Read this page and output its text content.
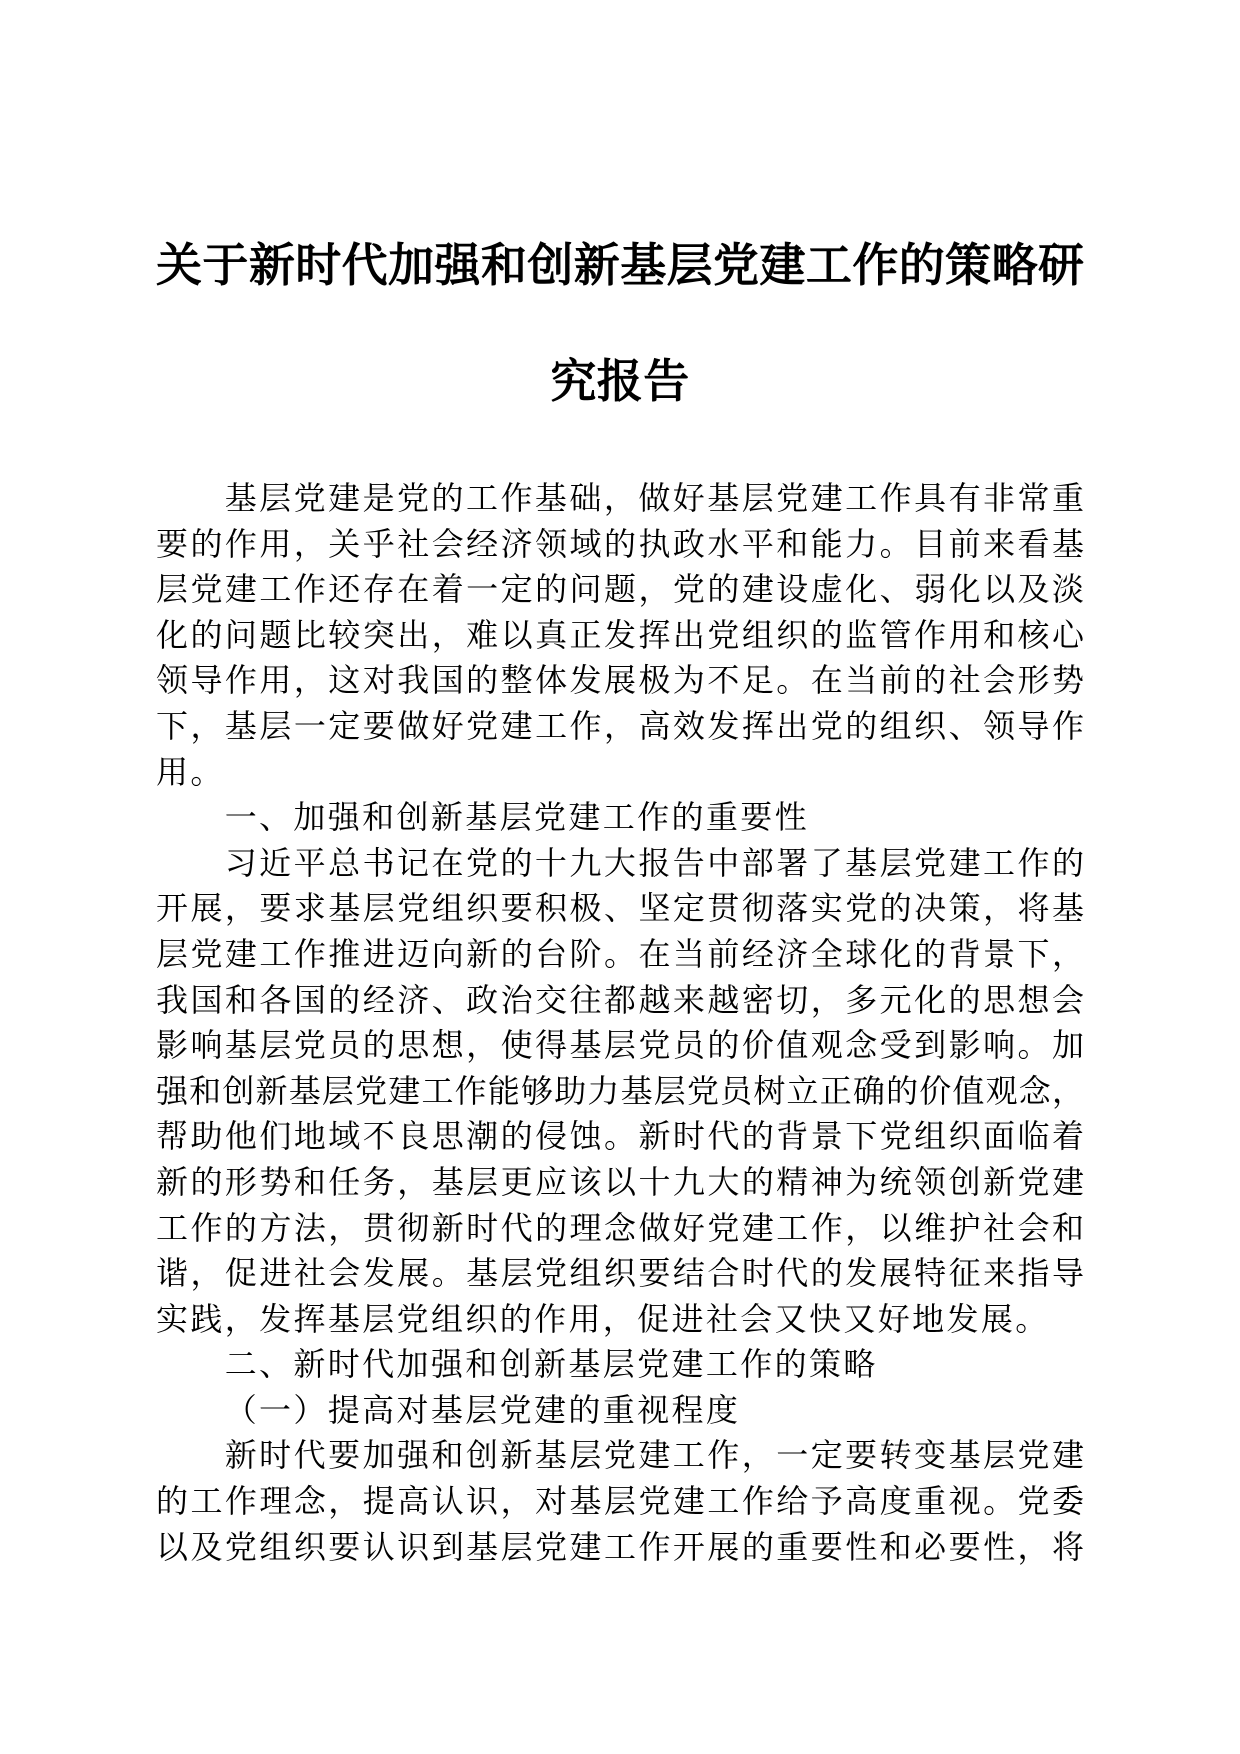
关于新时代加强和创新基层党建工作的策略研
究报告
基层党建是党的工作基础，做好基层党建工作具有非常重
要的作用，关乎社会经济领域的执政水平和能力。目前来看基
层党建工作还存在着一定的问题，党的建设虚化、弱化以及淡
化的问题比较突出，难以真正发挥出党组织的监管作用和核心
领导作用，这对我国的整体发展极为不足。在当前的社会形势
下，基层一定要做好党建工作，高效发挥出党的组织、领导作
用。
一、加强和创新基层党建工作的重要性
习近平总书记在党的十九大报告中部署了基层党建工作的
开展，要求基层党组织要积极、坚定贯彻落实党的决策，将基
层党建工作推进迈向新的台阶。在当前经济全球化的背景下，
我国和各国的经济、政治交往都越来越密切，多元化的思想会
影响基层党员的思想，使得基层党员的价值观念受到影响。加
强和创新基层党建工作能够助力基层党员树立正确的价值观念，
帮助他们地域不良思潮的侵蚀。新时代的背景下党组织面临着
新的形势和任务，基层更应该以十九大的精神为统领创新党建
工作的方法，贯彻新时代的理念做好党建工作，以维护社会和
谐，促进社会发展。基层党组织要结合时代的发展特征来指导
实践，发挥基层党组织的作用，促进社会又快又好地发展。
二、新时代加强和创新基层党建工作的策略
（一）提高对基层党建的重视程度
新时代要加强和创新基层党建工作，一定要转变基层党建
的工作理念，提高认识，对基层党建工作给予高度重视。党委
以及党组织要认识到基层党建工作开展的重要性和必要性，将
